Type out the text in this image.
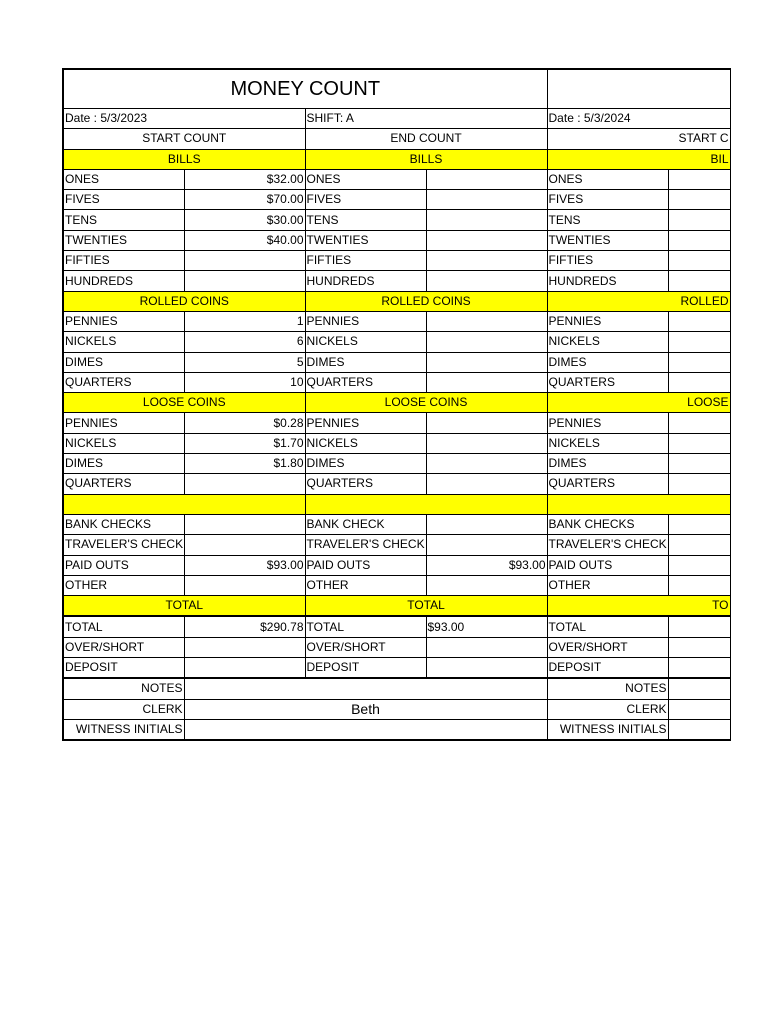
MONEY COUNT					
Date : 5/3/2023		SHIFT: A		Date : 5/3/2024	
START COUNT		END COUNT		START C	
BILLS		BILLS		BIL	
ONES	$32.00	ONES		ONES	
FIVES	$70.00	FIVES		FIVES	
TENS	$30.00	TENS		TENS	
TWENTIES	$40.00	TWENTIES		TWENTIES	
FIFTIES		FIFTIES		FIFTIES	
HUNDREDS		HUNDREDS		HUNDREDS	
ROLLED COINS		ROLLED COINS		ROLLED	
PENNIES	1	PENNIES		PENNIES	
NICKELS	6	NICKELS		NICKELS	
DIMES	5	DIMES		DIMES	
QUARTERS	10	QUARTERS		QUARTERS	
LOOSE COINS		LOOSE COINS		LOOSE	
PENNIES	$0.28	PENNIES		PENNIES	
NICKELS	$1.70	NICKELS		NICKELS	
DIMES	$1.80	DIMES		DIMES	
QUARTERS		QUARTERS		QUARTERS	

BANK CHECKS		BANK CHECK		BANK CHECKS	
TRAVELER'S CHECK		TRAVELER'S CHECK		TRAVELER'S CHECK	
PAID OUTS	$93.00	PAID OUTS	$93.00	PAID OUTS	
OTHER		OTHER		OTHER	
TOTAL		TOTAL		TO	
TOTAL	$290.78	TOTAL	$93.00	TOTAL	
OVER/SHORT		OVER/SHORT		OVER/SHORT	
DEPOSIT		DEPOSIT		DEPOSIT	
NOTES				NOTES	
CLERK	Beth			CLERK	
WITNESS INITIALS				WITNESS INITIALS	
